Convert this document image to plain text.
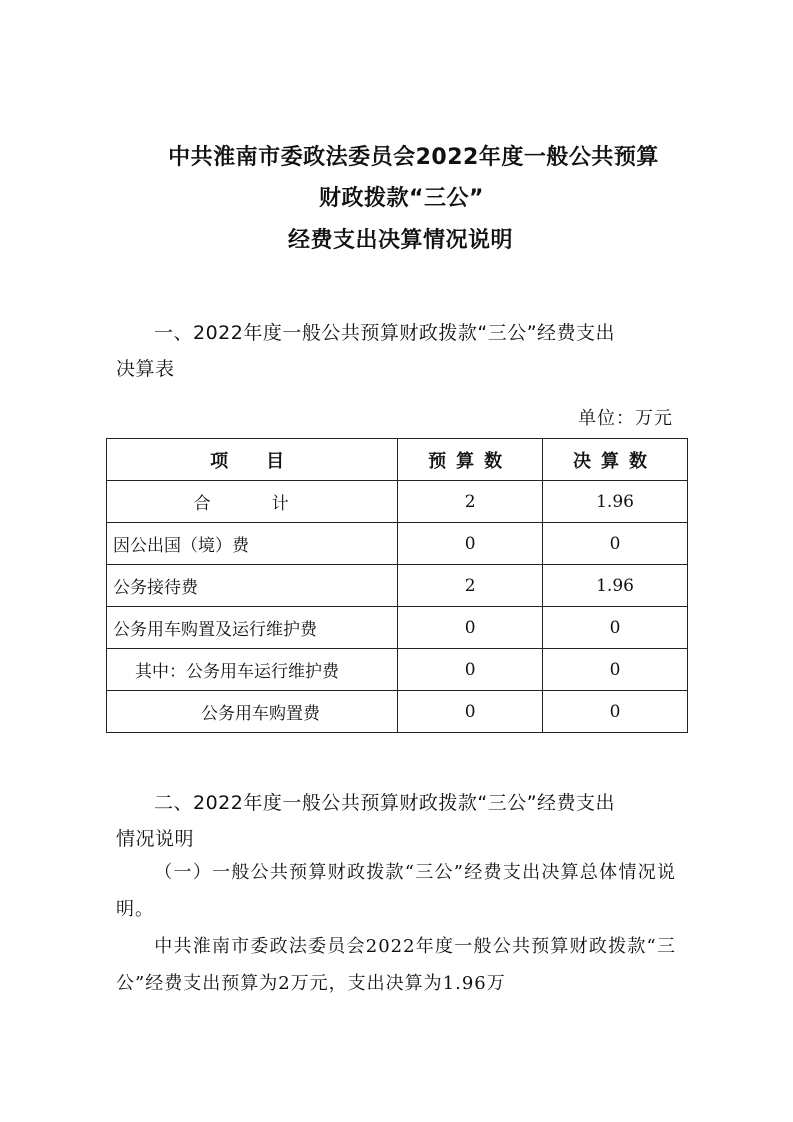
中共淮南市委政法委员会2022年度一般公共预算
财政拨款“三公”
经费支出决算情况说明
一、2022年度一般公共预算财政拨款“三公”经费支出
决算表
单位：万元
项　目	预算数	决算数
合　计	2	1.96
因公出国（境）费	0	0
公务接待费	2	1.96
公务用车购置及运行维护费	0	0
其中：公务用车运行维护费	0	0
公务用车购置费	0	0
二、2022年度一般公共预算财政拨款“三公”经费支出
情况说明
（一）一般公共预算财政拨款“三公”经费支出决算总体情况说明。
中共淮南市委政法委员会2022年度一般公共预算财政拨款“三公”经费支出预算为2万元，支出决算为1.96万
